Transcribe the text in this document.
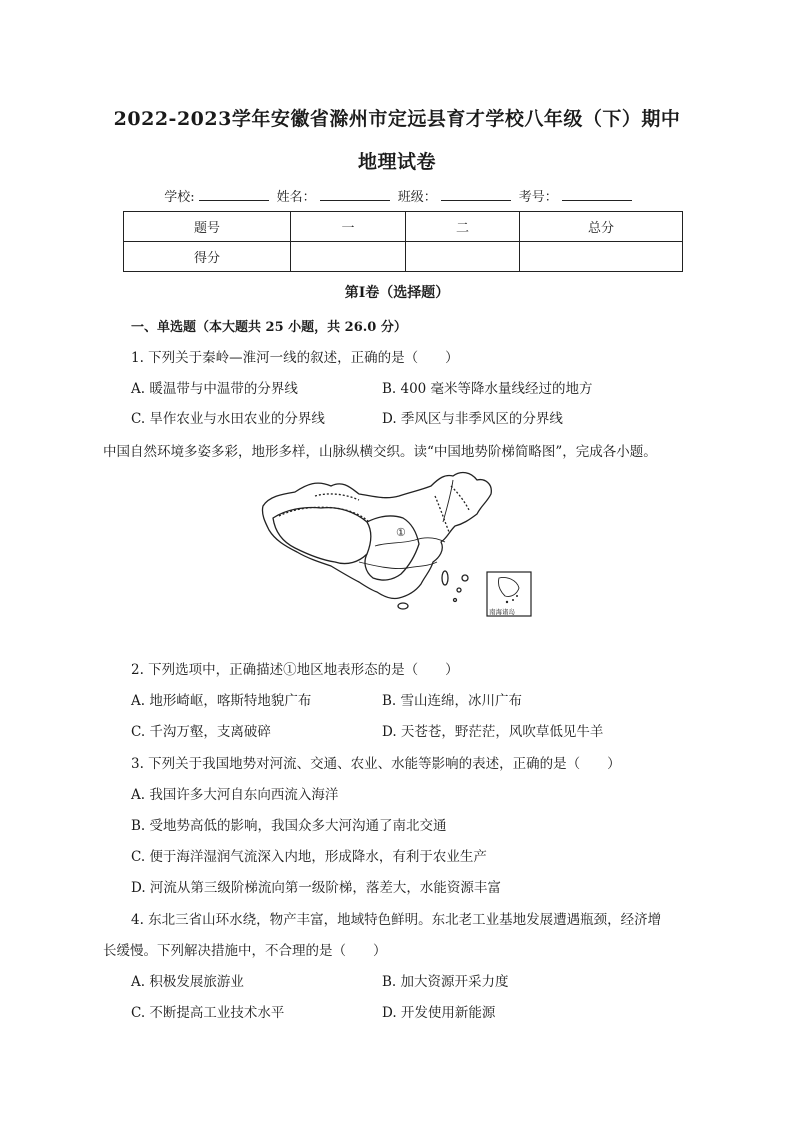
2022-2023学年安徽省滁州市定远县育才学校八年级（下）期中
地理试卷
学校:	姓名：	班级：	考号：
题号	一	二	总分
得分			
第I卷（选择题）
一、单选题（本大题共 25 小题，共 26.0 分）
1. 下列关于秦岭—淮河一线的叙述，正确的是（　　）
A. 暖温带与中温带的分界线	B. 400 毫米等降水量线经过的地方
C. 旱作农业与水田农业的分界线	D. 季风区与非季风区的分界线
中国自然环境多姿多彩，地形多样，山脉纵横交织。读“中国地势阶梯简略图”，完成各小题。
①
南海诸岛
2. 下列选项中，正确描述①地区地表形态的是（　　）
A. 地形崎岖，喀斯特地貌广布	B. 雪山连绵，冰川广布
C. 千沟万壑，支离破碎	D. 天苍苍，野茫茫，风吹草低见牛羊
3. 下列关于我国地势对河流、交通、农业、水能等影响的表述，正确的是（　　）
A. 我国许多大河自东向西流入海洋
B. 受地势高低的影响，我国众多大河沟通了南北交通
C. 便于海洋湿润气流深入内地，形成降水，有利于农业生产
D. 河流从第三级阶梯流向第一级阶梯，落差大，水能资源丰富
4. 东北三省山环水绕，物产丰富，地域特色鲜明。东北老工业基地发展遭遇瓶颈，经济增
长缓慢。下列解决措施中，不合理的是（　　）
A. 积极发展旅游业	B. 加大资源开采力度
C. 不断提高工业技术水平	D. 开发使用新能源
